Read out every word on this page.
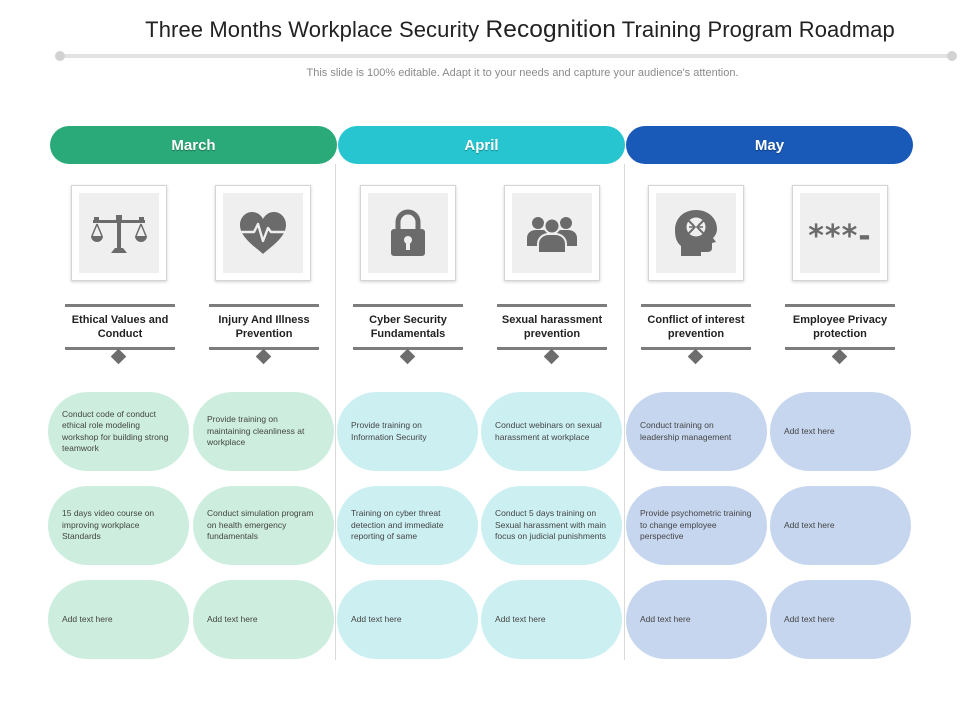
Three Months Workplace Security Recognition Training Program Roadmap
This slide is 100% editable. Adapt it to your needs and capture your audience's attention.
March	April	May
Ethical Values and Conduct
Conduct code of conduct ethical role modeling workshop for building strong teamwork
15 days video course on improving workplace Standards
Add text here
Injury And Illness Prevention
Provide training on maintaining cleanliness at workplace
Conduct simulation program on health emergency fundamentals
Add text here
Cyber Security Fundamentals
Provide training on Information Security
Training on cyber threat detection and immediate reporting of same
Add text here
Sexual harassment prevention
Conduct webinars on sexual harassment at workplace
Conduct 5 days training on Sexual harassment with main focus on judicial punishments
Add text here
Conflict of interest prevention
Conduct training on leadership management
Provide psychometric training to change employee perspective
Add text here
***-
Employee Privacy protection
Add text here
Add text here
Add text here
